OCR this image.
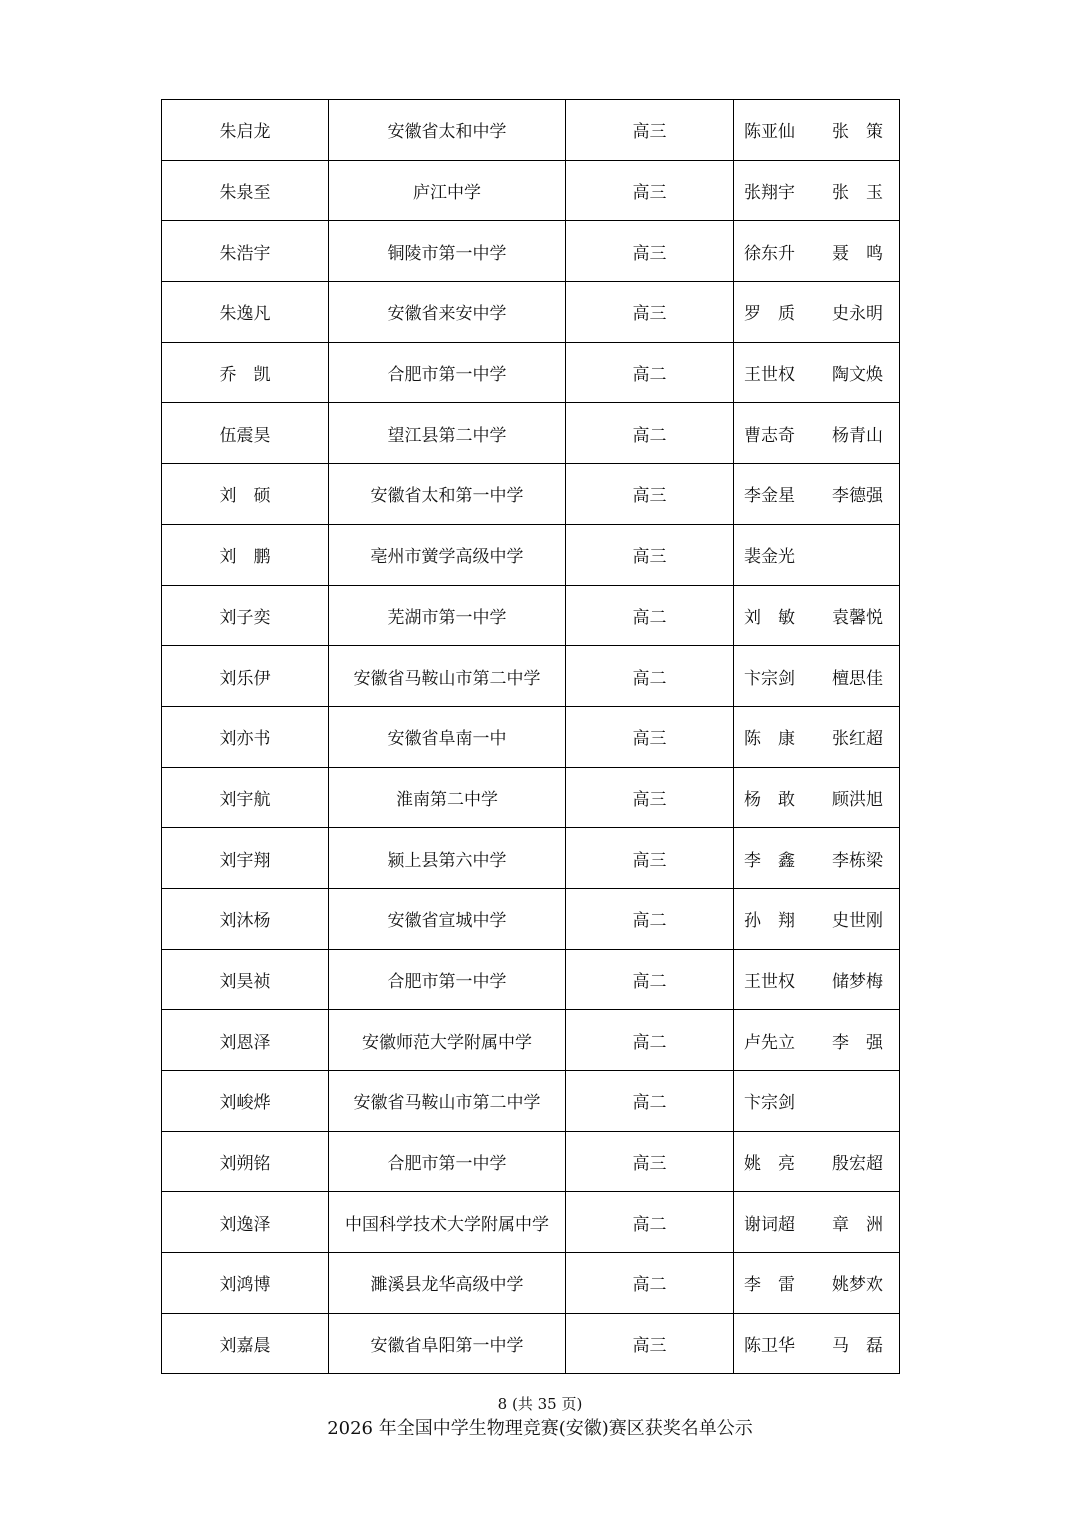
朱启龙	安徽省太和中学	高三	陈亚仙 张　策

朱泉至	庐江中学	高三	张翔宇 张　玉

朱浩宇	铜陵市第一中学	高三	徐东升 聂　鸣

朱逸凡	安徽省来安中学	高三	罗　质 史永明

乔　凯	合肥市第一中学	高二	王世权 陶文焕

伍震昊	望江县第二中学	高二	曹志奇 杨青山

刘　硕	安徽省太和第一中学	高三	李金星 李德强

刘　鹏	亳州市黉学高级中学	高三	裴金光

刘子奕	芜湖市第一中学	高二	刘　敏 袁馨悦

刘乐伊	安徽省马鞍山市第二中学	高二	卞宗剑 檀思佳

刘亦书	安徽省阜南一中	高三	陈　康 张红超

刘宇航	淮南第二中学	高三	杨　敢 顾洪旭

刘宇翔	颍上县第六中学	高三	李　鑫 李栋梁

刘沐杨	安徽省宣城中学	高二	孙　翔 史世刚

刘昊祯	合肥市第一中学	高二	王世权 储梦梅

刘恩泽	安徽师范大学附属中学	高二	卢先立 李　强

刘峻烨	安徽省马鞍山市第二中学	高二	卞宗剑

刘朔铭	合肥市第一中学	高三	姚　亮 殷宏超

刘逸泽	中国科学技术大学附属中学	高二	谢词超 章　洲

刘鸿博	濉溪县龙华高级中学	高二	李　雷 姚梦欢

刘嘉晨	安徽省阜阳第一中学	高三	陈卫华 马　磊
8 (共 35 页)
2026 年全国中学生物理竞赛(安徽)赛区获奖名单公示
